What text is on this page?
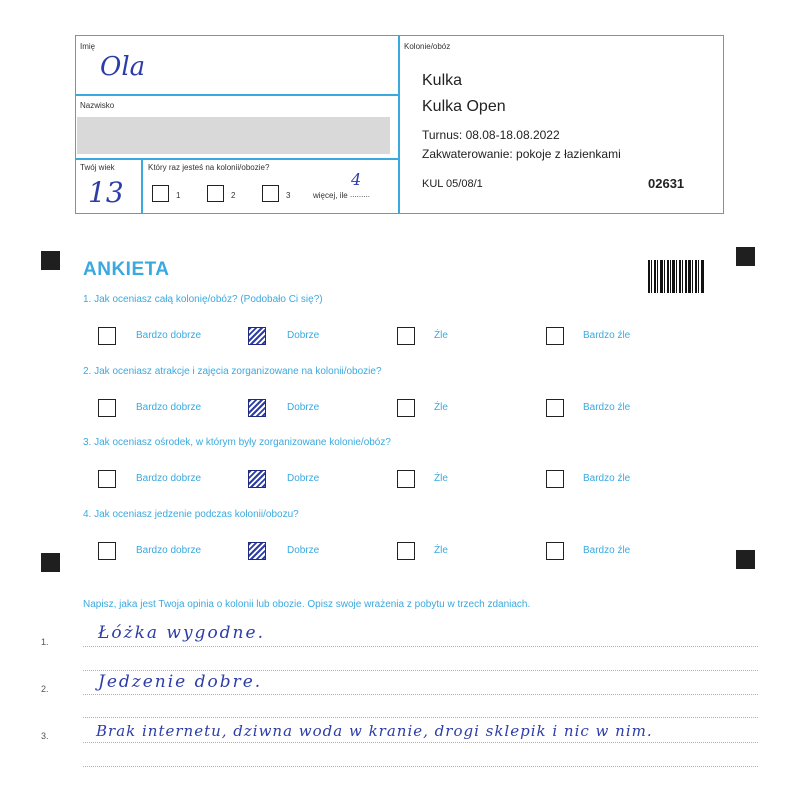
Imię
Ola
Nazwisko
Twój wiek
13
Który raz jesteś na kolonii/obozie?
1	2	3	więcej, ile .........
4
Kolonie/obóz
Kulka
Kulka Open
Turnus: 08.08-18.08.2022
Zakwaterowanie: pokoje z łazienkami
KUL 05/08/1	02631
ANKIETA
1. Jak oceniasz całą kolonię/obóz? (Podobało Ci się?)
Bardzo dobrze	Dobrze	Źle	Bardzo źle
2. Jak oceniasz atrakcje i zajęcia zorganizowane na kolonii/obozie?
Bardzo dobrze	Dobrze	Źle	Bardzo źle
3. Jak oceniasz ośrodek, w którym były zorganizowane kolonie/obóz?
Bardzo dobrze	Dobrze	Źle	Bardzo źle
4. Jak oceniasz jedzenie podczas kolonii/obozu?
Bardzo dobrze	Dobrze	Źle	Bardzo źle
Napisz, jaka jest Twoja opinia o kolonii lub obozie. Opisz swoje wrażenia z pobytu w trzech zdaniach.
1.	Łóżka wygodne.
2.	Jedzenie dobre.
3.	Brak internetu, dziwna woda w kranie, drogi sklepik i nic w nim.
